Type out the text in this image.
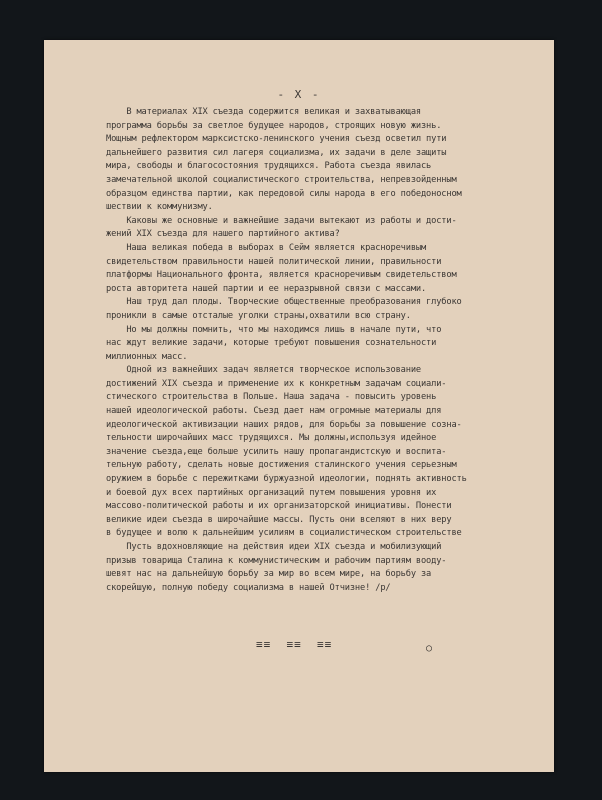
- X -
В материалах XIX съезда содержится великая и захватывающая
программа борьбы за светлое будущее народов, строящих новую жизнь.
Мощным рефлектором марксистско-ленинского учения съезд осветил пути
дальнейшего развития сил лагеря социализма, их задачи в деле защиты
мира, свободы и благосостояния трудящихся. Работа съезда явилась
замечательной школой социалистического строительства, непревзойденным
образцом единства партии, как передовой силы народа в его победоносном
шествии к коммунизму.
Каковы же основные и важнейшие задачи вытекают из работы и дости-
жений XIX съезда для нашего партийного актива?
Наша великая победа в выборах в Сейм является красноречивым
свидетельством правильности нашей политической линии, правильности
платформы Национального фронта, является красноречивым свидетельством
роста авторитета нашей партии и ее неразрывной связи с массами.
Наш труд дал плоды. Творческие общественные преобразования глубоко
проникли в самые отсталые уголки страны,охватили всю страну.
Но мы должны помнить, что мы находимся лишь в начале пути, что
нас ждут великие задачи, которые требуют повышения сознательности
миллионных масс.
Одной из важнейших задач является творческое использование
достижений XIX съезда и применение их к конкретным задачам социали-
стического строительства в Польше. Наша задача - повысить уровень
нашей идеологической работы. Съезд дает нам огромные материалы для
идеологической активизации наших рядов, для борьбы за повышение созна-
тельности широчайших масс трудящихся. Мы должны,используя идейное
значение съезда,еще больше усилить нашу пропагандистскую и воспита-
тельную работу, сделать новые достижения сталинского учения серьезным
оружием в борьбе с пережитками буржуазной идеологии, поднять активность
и боевой дух всех партийных организаций путем повышения уровня их
массово-политической работы и их организаторской инициативы. Понести
великие идеи съезда в широчайшие массы. Пусть они вселяют в них веру
в будущее и волю к дальнейшим усилиям в социалистическом строительстве
Пусть вдохновляющие на действия идеи XIX съезда и мобилизующий
призыв товарища Сталина к коммунистическим и рабочим партиям вооду-
шевят нас на дальнейшую борьбу за мир во всем мире, на борьбу за
скорейшую, полную победу социализма в нашей Отчизне! /р/
≡≡  ≡≡  ≡≡	○
